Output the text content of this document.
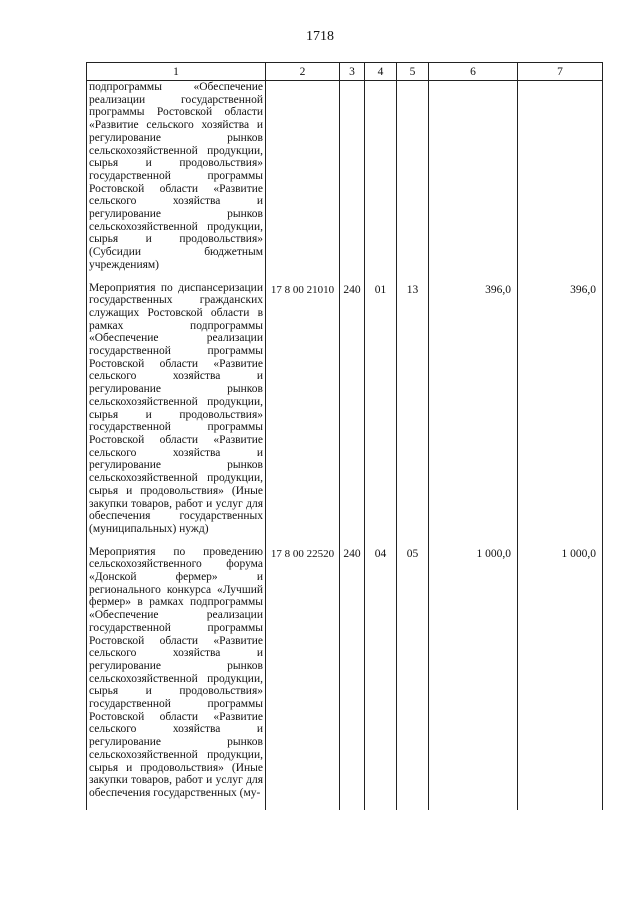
1718
1	2	3	4	5	6	7
подпрограммы «Обеспечение реализации государственной программы Ростовской области «Развитие сельского хозяйства и регулирование рынков сельскохозяйственной продукции, сырья и продовольствия» государственной программы Ростовской области «Развитие сельского хозяйства и регулирование рынков сельскохозяйственной продукции, сырья и продовольствия» (Субсидии бюджетным учреждениям)						
Мероприятия по диспансеризации государственных гражданских служащих Ростовской области в рамках подпрограммы «Обеспечение реализации государственной программы Ростовской области «Развитие сельского хозяйства и регулирование рынков сельскохозяйственной продукции, сырья и продовольствия» государственной программы Ростовской области «Развитие сельского хозяйства и регулирование рынков сельскохозяйственной продукции, сырья и продовольствия» (Иные закупки товаров, работ и услуг для обеспечения государственных (муниципальных) нужд)	17 8 00 21010	240	01	13	396,0	396,0
Мероприятия по проведению сельскохозяйственного форума «Донской фермер» и регионального конкурса «Лучший фермер» в рамках подпрограммы «Обеспечение реализации государственной программы Ростовской области «Развитие сельского хозяйства и регулирование рынков сельскохозяйственной продукции, сырья и продовольствия» государственной программы Ростовской области «Развитие сельского хозяйства и регулирование рынков сельскохозяйственной продукции, сырья и продовольствия» (Иные закупки товаров, работ и услуг для обеспечения государственных (му-	17 8 00 22520	240	04	05	1 000,0	1 000,0
